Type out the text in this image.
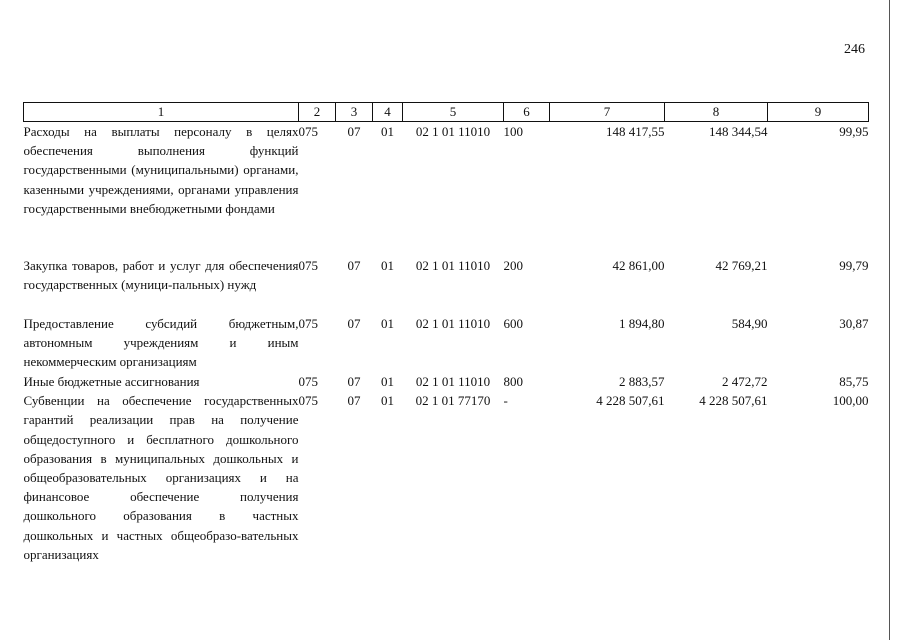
246
1	2	3	4	5	6	7	8	9
Расходы на выплаты персоналу в целях обеспечения выполнения функций государственными (муниципальными) органами, казенными учреждениями, органами управления государственными внебюджетными фондами	075	07	01	02 1 01 11010	100	148 417,55	148 344,54	99,95
Закупка товаров, работ и услуг для обеспечения государственных (муници-пальных) нужд	075	07	01	02 1 01 11010	200	42 861,00	42 769,21	99,79
Предоставление субсидий бюджетным, автономным учреждениям и иным некоммерческим организациям	075	07	01	02 1 01 11010	600	1 894,80	584,90	30,87
Иные бюджетные ассигнования	075	07	01	02 1 01 11010	800	2 883,57	2 472,72	85,75
Субвенции на обеспечение государственных гарантий реализации прав на получение общедоступного и бесплатного дошкольного образования в муниципальных дошкольных и общеобразовательных организациях и на финансовое обеспечение получения дошкольного образования в частных дошкольных и частных общеобразо-вательных организациях	075	07	01	02 1 01 77170	-	4 228 507,61	4 228 507,61	100,00
